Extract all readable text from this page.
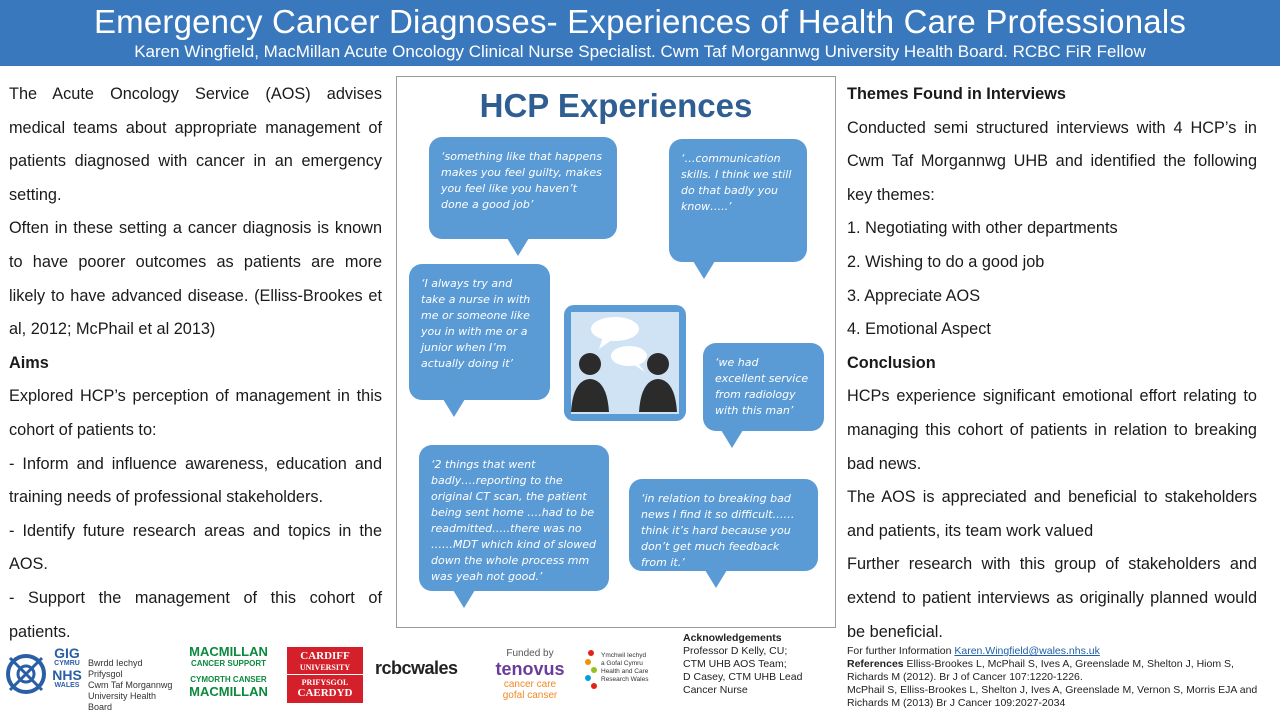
Emergency Cancer Diagnoses- Experiences of Health Care Professionals
Karen Wingfield, MacMillan Acute Oncology Clinical Nurse Specialist. Cwm Taf Morgannwg University Health Board. RCBC FiR Fellow

The Acute Oncology Service (AOS) advises medical teams about appropriate management of patients diagnosed with cancer in an emergency setting.

Often in these setting a cancer diagnosis is known to have poorer outcomes as patients are more likely to have advanced disease. (Elliss-Brookes et al, 2012; McPhail et al 2013)

Aims

Explored HCP’s perception of management in this cohort of patients to:

- Inform and influence awareness, education and training needs of professional stakeholders.

- Identify future research areas and topics in the AOS.

- Support the management of this cohort of patients.

HCP Experiences
‘something like that happens makes you feel guilty, makes you feel like you haven’t done a good job’
‘…communication skills. I think we still do that badly you know…..’
‘I always try and take a nurse in with me or someone like you in with me or a junior when I’m actually doing it’	‘we had excellent service from radiology with this man’
‘2 things that went badly….reporting to the original CT scan, the patient being sent home ….had to be readmitted…..there was no ……MDT which kind of slowed down the whole process mm was yeah not good.’
‘in relation to breaking bad news I find it so difficult……think it’s hard because you don’t get much feedback from it.’

Themes Found in Interviews

Conducted semi structured interviews with 4 HCP’s in Cwm Taf Morgannwg UHB and identified the following key themes:

1. Negotiating with other departments

2. Wishing to do a good job

3. Appreciate AOS

4. Emotional Aspect

Conclusion

HCPs experience significant emotional effort relating to managing this cohort of patients in relation to breaking bad news.

The AOS is appreciated and beneficial to stakeholders and patients, its team work valued

Further research with this group of stakeholders and extend to patient interviews as originally planned would be beneficial.

For further Information Karen.Wingfield@wales.nhs.uk
References Elliss-Brookes L, McPhail S, Ives A, Greenslade M, Shelton J, Hiom S, Richards M (2012). Br J of Cancer 107:1220-1226.
McPhail S, Elliss-Brookes L, Shelton J, Ives A, Greenslade M, Vernon S, Morris EJA and Richards M (2013) Br J Cancer 109:2027-2034
Acknowledgements
Professor D Kelly, CU;
CTM UHB AOS Team;
D Casey, CTM UHB Lead
Cancer Nurse
GIG
CYMRU
NHS
WALES
Bwrdd Iechyd Prifysgol
Cwm Taf Morgannwg
University Health Board
MACMILLAN
CANCER SUPPORT
CYMORTH CANSER
MACMILLAN
CARDIFF
UNIVERSITY
PRIFYSGOL
CAERDYD
rcbcwales
Funded by
tenovus
cancer care
gofal canser
Ymchwil Iechyd
a Gofal Cymru
Health and Care
Research Wales
